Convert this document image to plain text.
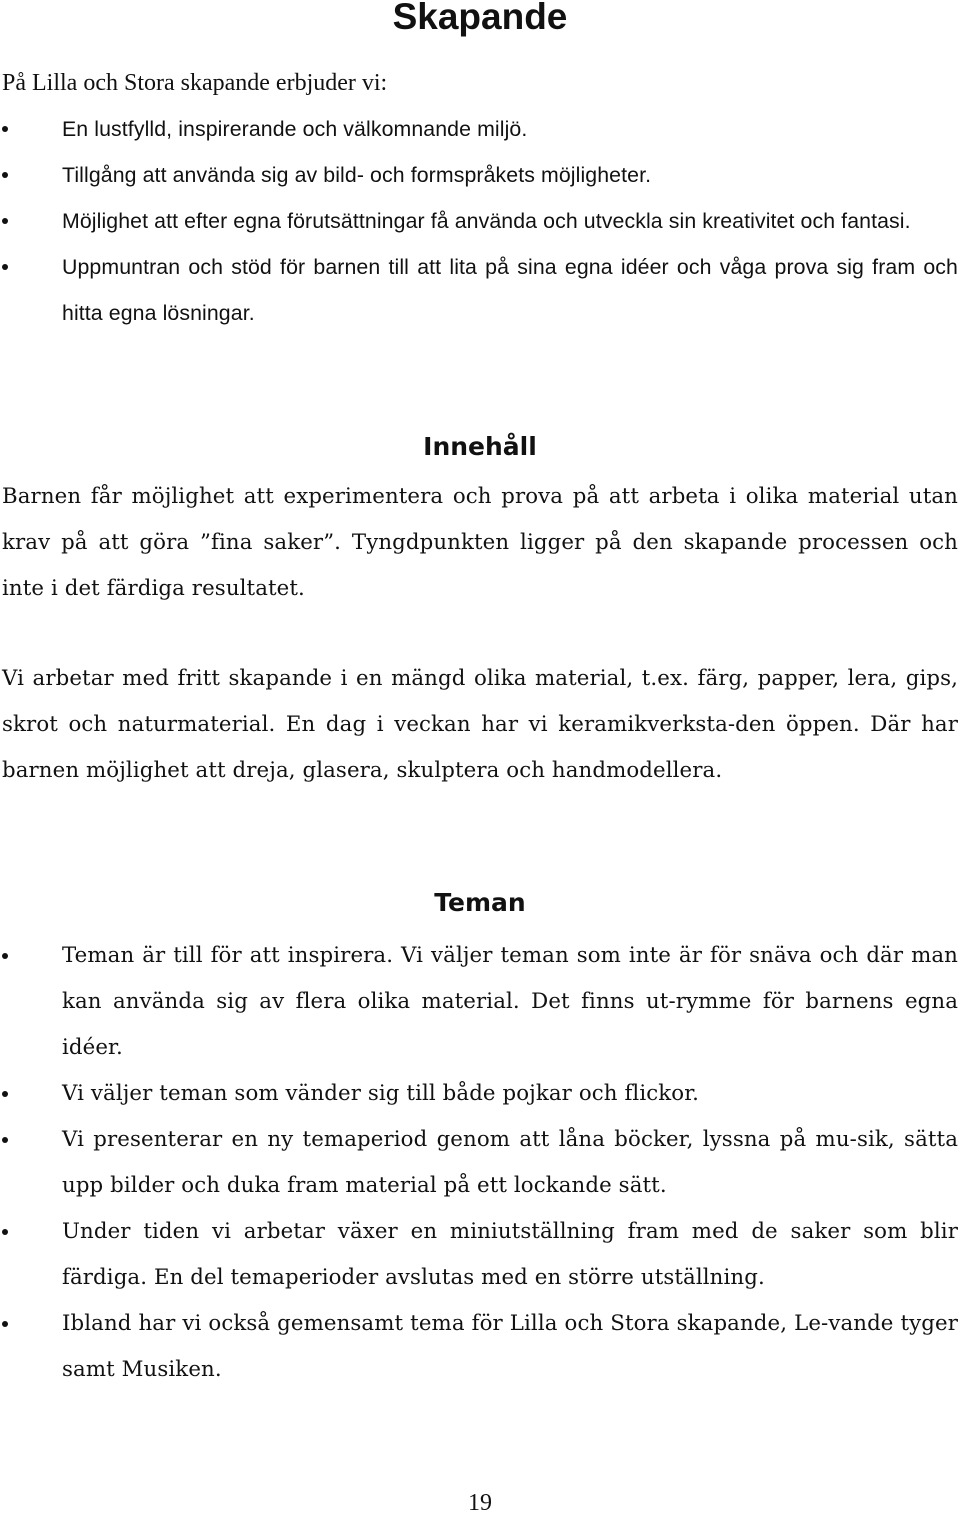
Skapande

På Lilla och Stora skapande erbjuder vi:

En lustfylld, inspirerande och välkomnande miljö.
Tillgång att använda sig av bild- och formspråkets möjligheter.
Möjlighet att efter egna förutsättningar få använda och utveckla sin kreativitet och fantasi.
Uppmuntran och stöd för barnen till att lita på sina egna idéer och våga prova sig fram och hitta egna lösningar.
Innehåll

Barnen får möjlighet att experimentera och prova på att arbeta i olika material utan krav på att göra ”fina saker”. Tyngdpunkten ligger på den skapande processen och inte i det färdiga resultatet.

Vi arbetar med fritt skapande i en mängd olika material, t.ex. färg, papper, lera, gips, skrot och naturmaterial. En dag i veckan har vi keramikverksta-den öppen. Där har barnen möjlighet att dreja, glasera, skulptera och handmodellera.

Teman
Teman är till för att inspirera. Vi väljer teman som inte är för snäva och där man kan använda sig av flera olika material. Det finns ut-rymme för barnens egna idéer.
Vi väljer teman som vänder sig till både pojkar och flickor.
Vi presenterar en ny temaperiod genom att låna böcker, lyssna på mu-sik, sätta upp bilder och duka fram material på ett lockande sätt.
Under tiden vi arbetar växer en miniutställning fram med de saker som blir färdiga. En del temaperioder avslutas med en större utställning.
Ibland har vi också gemensamt tema för Lilla och Stora skapande, Le-vande tyger samt Musiken.

19
